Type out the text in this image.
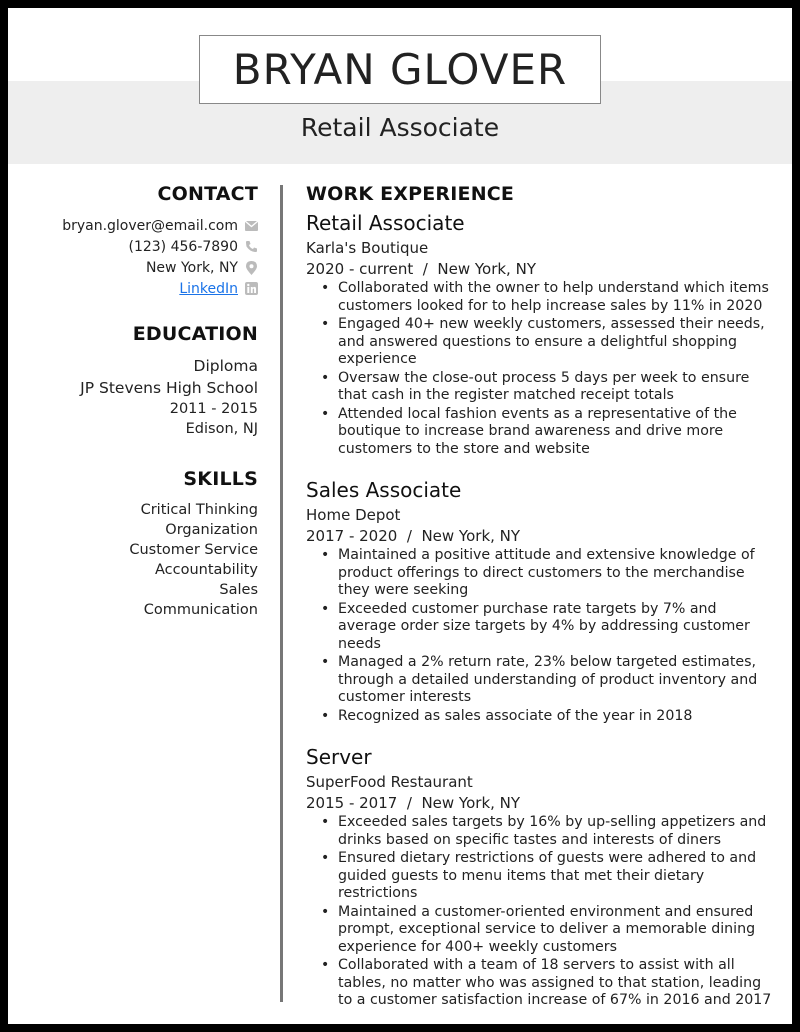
BRYAN GLOVER
Retail Associate
CONTACT
bryan.glover@email.com
(123) 456-7890
New York, NY
LinkedIn
EDUCATION
Diploma
JP Stevens High School
2011 - 2015
Edison, NJ
SKILLS
Critical Thinking
Organization
Customer Service
Accountability
Sales
Communication
WORK EXPERIENCE
Retail Associate
Karla's Boutique
2020 - current  /  New York, NY
• Collaborated with the owner to help understand which items customers looked for to help increase sales by 11% in 2020
• Engaged 40+ new weekly customers, assessed their needs, and answered questions to ensure a delightful shopping experience
• Oversaw the close-out process 5 days per week to ensure that cash in the register matched receipt totals
• Attended local fashion events as a representative of the boutique to increase brand awareness and drive more customers to the store and website
Sales Associate
Home Depot
2017 - 2020  /  New York, NY
• Maintained a positive attitude and extensive knowledge of product offerings to direct customers to the merchandise they were seeking
• Exceeded customer purchase rate targets by 7% and average order size targets by 4% by addressing customer needs
• Managed a 2% return rate, 23% below targeted estimates, through a detailed understanding of product inventory and customer interests
• Recognized as sales associate of the year in 2018
Server
SuperFood Restaurant
2015 - 2017  /  New York, NY
• Exceeded sales targets by 16% by up-selling appetizers and drinks based on specific tastes and interests of diners
• Ensured dietary restrictions of guests were adhered to and guided guests to menu items that met their dietary restrictions
• Maintained a customer-oriented environment and ensured prompt, exceptional service to deliver a memorable dining experience for 400+ weekly customers
• Collaborated with a team of 18 servers to assist with all tables, no matter who was assigned to that station, leading to a customer satisfaction increase of 67% in 2016 and 2017
